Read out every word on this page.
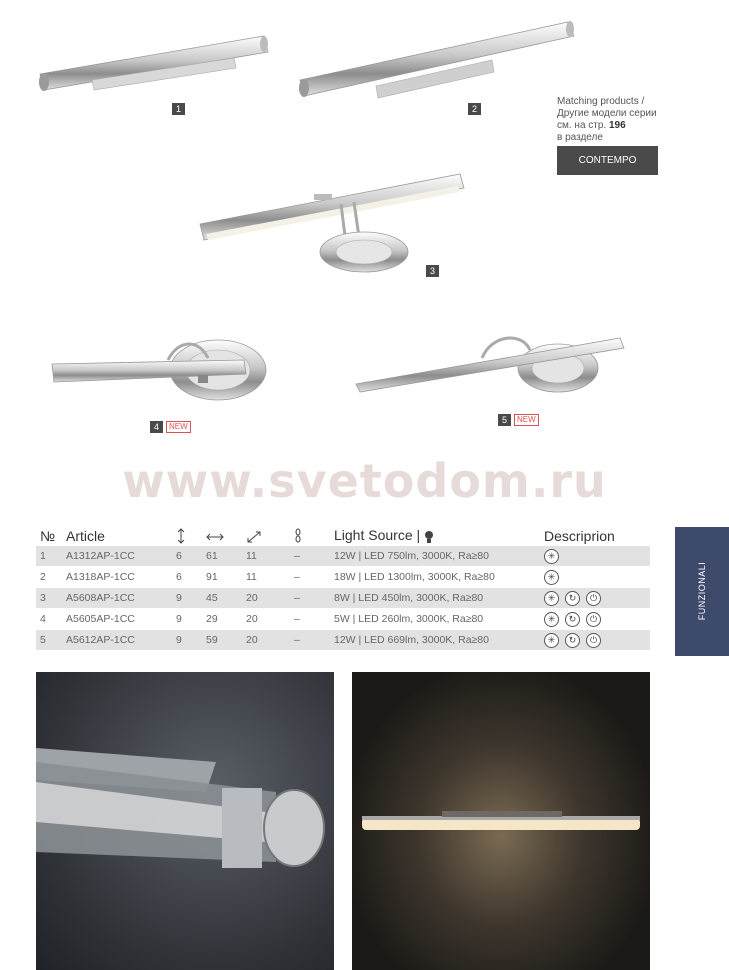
1	2
Matching products /
Другие модели серии
см. на стр. 196
в разделе
CONTEMPO
3
4	NEW
5	NEW
www.svetodom.ru
№	Article					Light Source |	Descriprion
1	A1312AP-1CC	6	61	11	–	12W | LED 750lm, 3000K, Ra≥80	✳

2	A1318AP-1CC	6	91	11	–	18W | LED 1300lm, 3000K, Ra≥80	✳

3	A5608AP-1CC	9	45	20	–	8W | LED 450lm, 3000K, Ra≥80	✳ ↻ ⏻

4	A5605AP-1CC	9	29	20	–	5W | LED 260lm, 3000K, Ra≥80	✳ ↻ ⏻

5	A5612AP-1CC	9	59	20	–	12W | LED 669lm, 3000K, Ra≥80	✳ ↻ ⏻
FUNZIONALI
